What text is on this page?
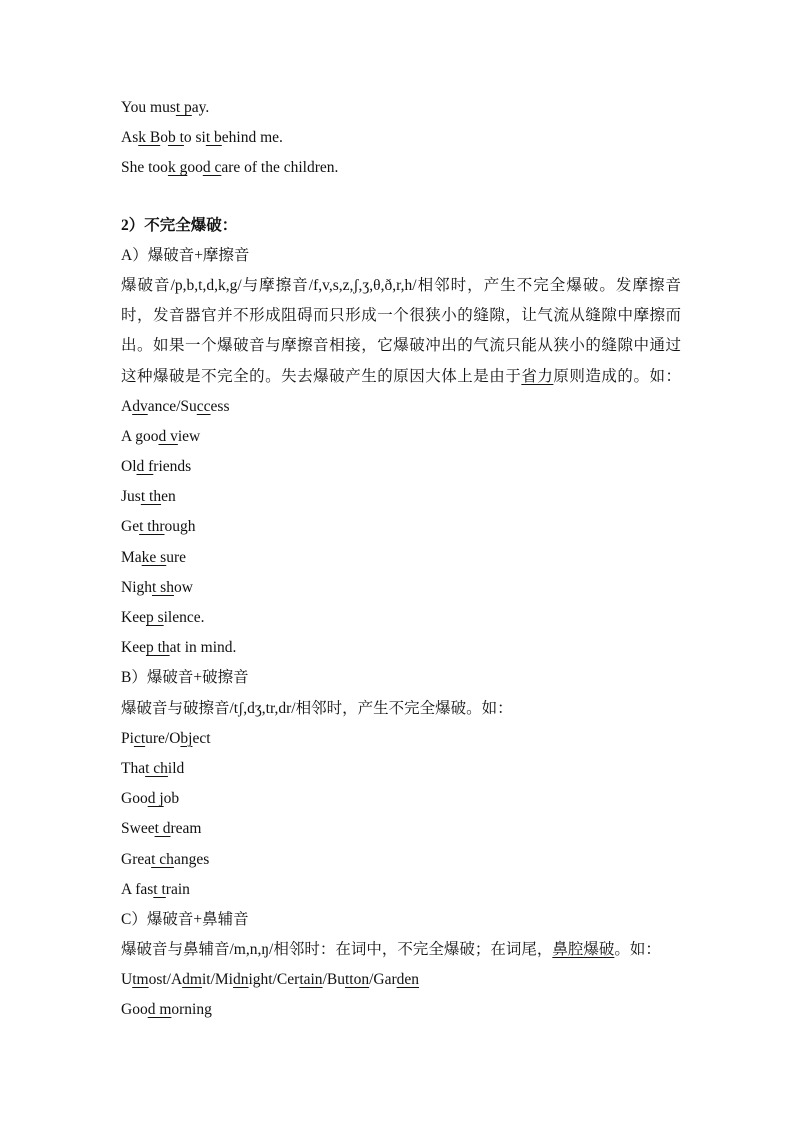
You must pay.
Ask Bob to sit behind me.
She took good care of the children.
2）不完全爆破：
A）爆破音+摩擦音
爆破音/p,b,t,d,k,g/与摩擦音/f,v,s,z,ʃ,ʒ,θ,ð,r,h/相邻时，产生不完全爆破。发摩擦音
时，发音器官并不形成阻碍而只形成一个很狭小的缝隙，让气流从缝隙中摩擦而
出。如果一个爆破音与摩擦音相接，它爆破冲出的气流只能从狭小的缝隙中通过
这种爆破是不完全的。失去爆破产生的原因大体上是由于省力原则造成的。如：
Advance/Success
A good view
Old friends
Just then
Get through
Make sure
Night show
Keep silence.
Keep that in mind.
B）爆破音+破擦音
爆破音与破擦音/tʃ,dʒ,tr,dr/相邻时，产生不完全爆破。如：
Picture/Object
That child
Good job
Sweet dream
Great changes
A fast train
C）爆破音+鼻辅音
爆破音与鼻辅音/m,n,ŋ/相邻时：在词中，不完全爆破；在词尾，鼻腔爆破。如：
Utmost/Admit/Midnight/Certain/Button/Garden
Good morning
